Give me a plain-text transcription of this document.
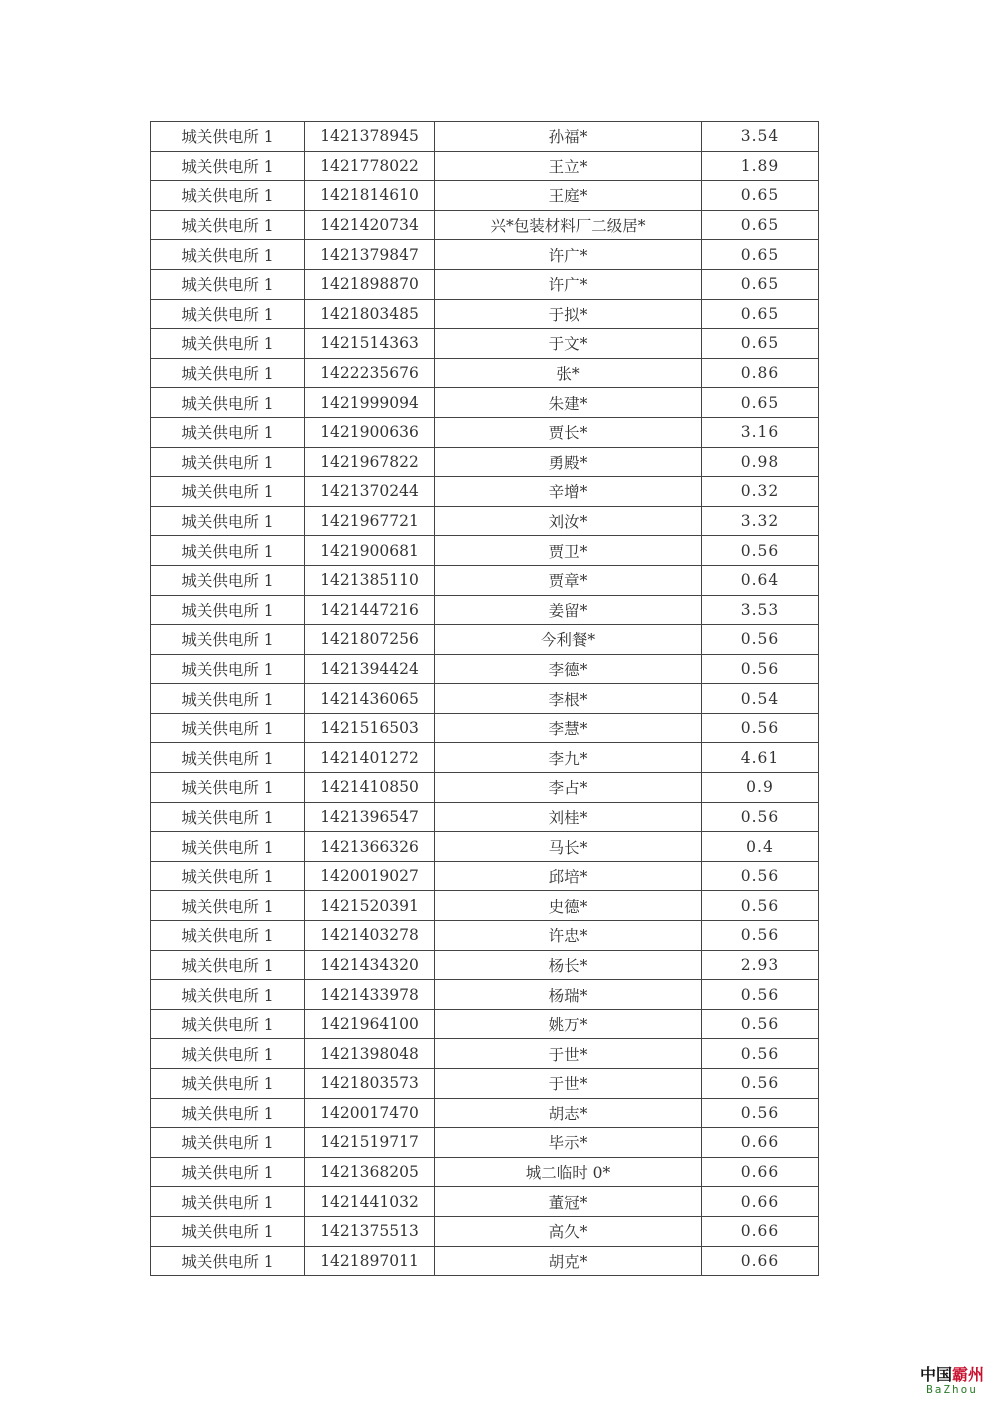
城关供电所 1	1421378945	孙福*	3.54
城关供电所 1	1421778022	王立*	1.89
城关供电所 1	1421814610	王庭*	0.65
城关供电所 1	1421420734	兴*包装材料厂二级居*	0.65
城关供电所 1	1421379847	许广*	0.65
城关供电所 1	1421898870	许广*	0.65
城关供电所 1	1421803485	于拟*	0.65
城关供电所 1	1421514363	于文*	0.65
城关供电所 1	1422235676	张*	0.86
城关供电所 1	1421999094	朱建*	0.65
城关供电所 1	1421900636	贾长*	3.16
城关供电所 1	1421967822	勇殿*	0.98
城关供电所 1	1421370244	辛增*	0.32
城关供电所 1	1421967721	刘汝*	3.32
城关供电所 1	1421900681	贾卫*	0.56
城关供电所 1	1421385110	贾章*	0.64
城关供电所 1	1421447216	姜留*	3.53
城关供电所 1	1421807256	今利餐*	0.56
城关供电所 1	1421394424	李德*	0.56
城关供电所 1	1421436065	李根*	0.54
城关供电所 1	1421516503	李慧*	0.56
城关供电所 1	1421401272	李九*	4.61
城关供电所 1	1421410850	李占*	0.9
城关供电所 1	1421396547	刘桂*	0.56
城关供电所 1	1421366326	马长*	0.4
城关供电所 1	1420019027	邱培*	0.56
城关供电所 1	1421520391	史德*	0.56
城关供电所 1	1421403278	许忠*	0.56
城关供电所 1	1421434320	杨长*	2.93
城关供电所 1	1421433978	杨瑞*	0.56
城关供电所 1	1421964100	姚万*	0.56
城关供电所 1	1421398048	于世*	0.56
城关供电所 1	1421803573	于世*	0.56
城关供电所 1	1420017470	胡志*	0.56
城关供电所 1	1421519717	毕示*	0.66
城关供电所 1	1421368205	城二临时 0*	0.66
城关供电所 1	1421441032	董冠*	0.66
城关供电所 1	1421375513	高久*	0.66
城关供电所 1	1421897011	胡克*	0.66
中国霸州
BaZhou
